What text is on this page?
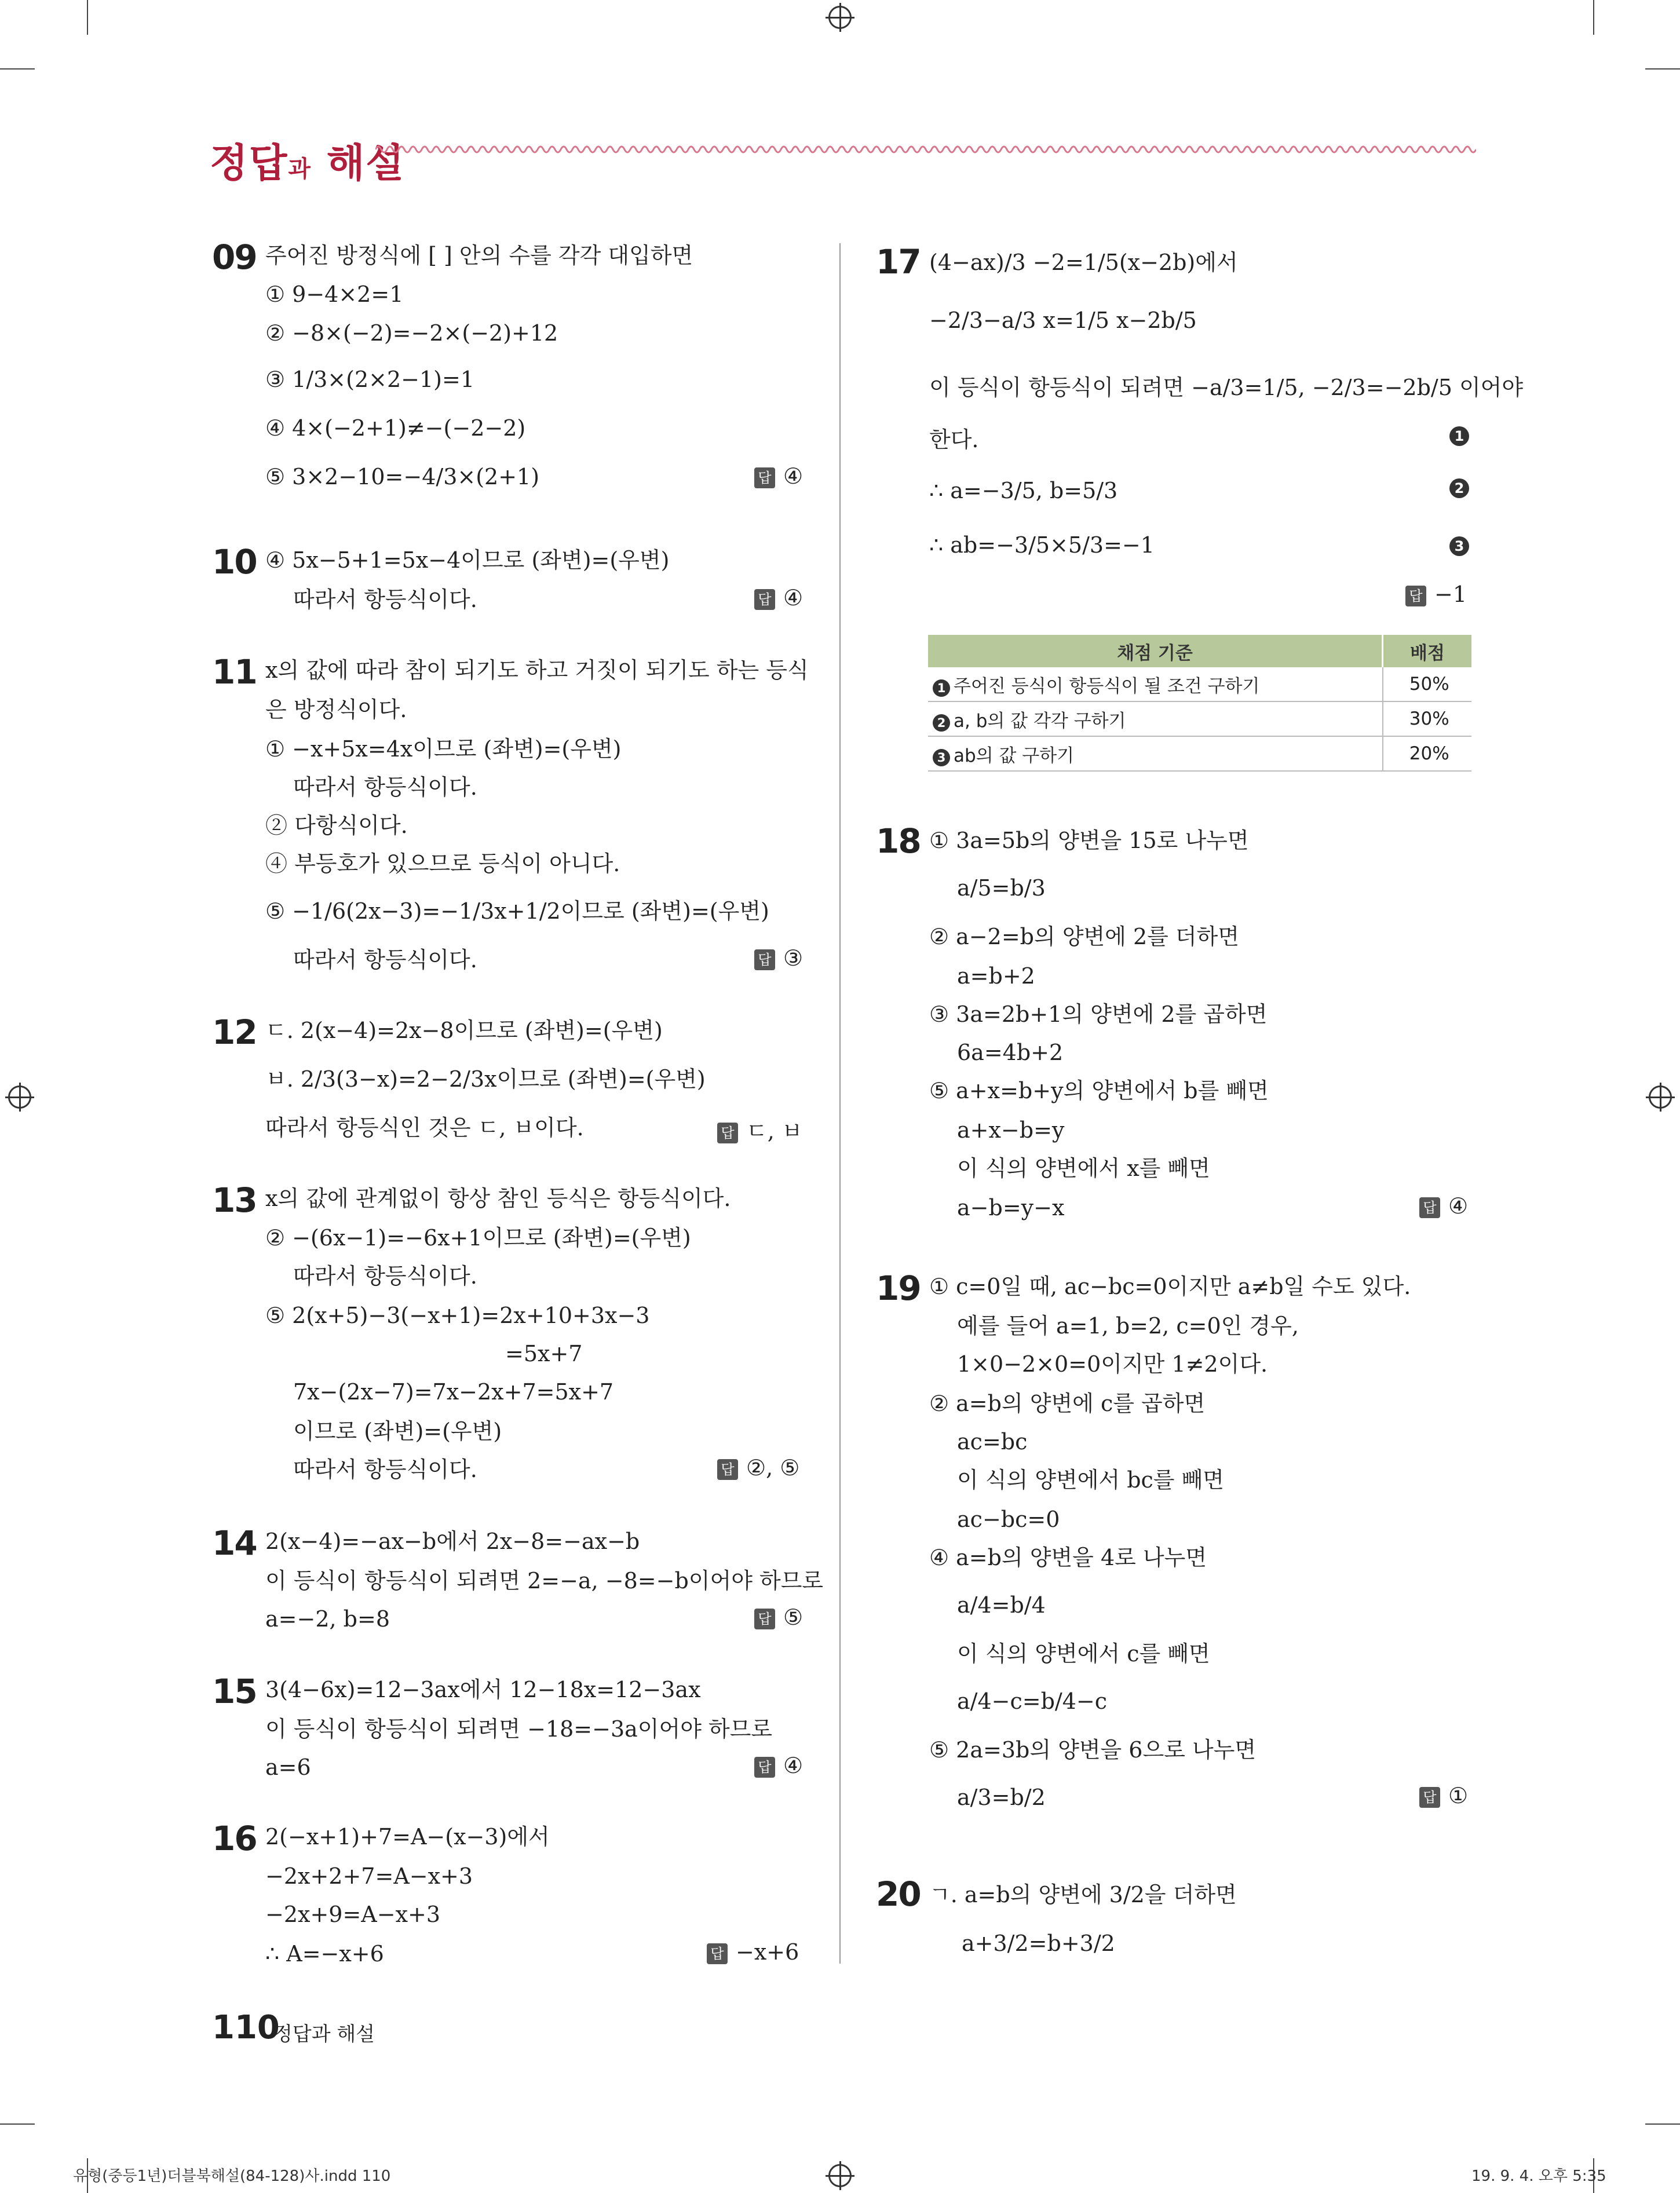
정답과 해설
09 주어진 방정식에 [ ] 안의 수를 각각 대입하면
① 9−4×2=1
② −8×(−2)=−2×(−2)+12
③ 1/3×(2×2−1)=1
④ 4×(−2+1)≠−(−2−2)
⑤ 3×2−10=−4/3×(2+1)	답 ④
10 ④ 5x−5+1=5x−4이므로 (좌변)=(우변)
따라서 항등식이다.	답 ④
11 x의 값에 따라 참이 되기도 하고 거짓이 되기도 하는 등식
은 방정식이다.
① −x+5x=4x이므로 (좌변)=(우변)
따라서 항등식이다.
② 다항식이다.
④ 부등호가 있으므로 등식이 아니다.
⑤ −1/6(2x−3)=−1/3x+1/2이므로 (좌변)=(우변)
따라서 항등식이다.	답 ③
12 ㄷ. 2(x−4)=2x−8이므로 (좌변)=(우변)
ㅂ. 2/3(3−x)=2−2/3x이므로 (좌변)=(우변)
따라서 항등식인 것은 ㄷ, ㅂ이다.	답 ㄷ, ㅂ
13 x의 값에 관계없이 항상 참인 등식은 항등식이다.
② −(6x−1)=−6x+1이므로 (좌변)=(우변)
따라서 항등식이다.
⑤ 2(x+5)−3(−x+1)=2x+10+3x−3
=5x+7
7x−(2x−7)=7x−2x+7=5x+7
이므로 (좌변)=(우변)
따라서 항등식이다.	답 ②, ⑤
14 2(x−4)=−ax−b에서 2x−8=−ax−b
이 등식이 항등식이 되려면 2=−a, −8=−b이어야 하므로
a=−2, b=8	답 ⑤
15 3(4−6x)=12−3ax에서 12−18x=12−3ax
이 등식이 항등식이 되려면 −18=−3a이어야 하므로
a=6	답 ④
16 2(−x+1)+7=A−(x−3)에서
−2x+2+7=A−x+3
−2x+9=A−x+3
∴ A=−x+6	답 −x+6
17 (4−ax)/3 −2=1/5(x−2b)에서
−2/3−a/3 x=1/5 x−2b/5
이 등식이 항등식이 되려면 −a/3=1/5, −2/3=−2b/5 이어야
한다.	1
∴ a=−3/5, b=5/3	2
∴ ab=−3/5×5/3=−1	3
답 −1
채점 기준	배점
1 주어진 등식이 항등식이 될 조건 구하기	50%
2 a, b의 값 각각 구하기	30%
3 ab의 값 구하기	20%
18 ① 3a=5b의 양변을 15로 나누면
a/5=b/3
② a−2=b의 양변에 2를 더하면
a=b+2
③ 3a=2b+1의 양변에 2를 곱하면
6a=4b+2
⑤ a+x=b+y의 양변에서 b를 빼면
a+x−b=y
이 식의 양변에서 x를 빼면
a−b=y−x	답 ④
19 ① c=0일 때, ac−bc=0이지만 a≠b일 수도 있다.
예를 들어 a=1, b=2, c=0인 경우,
1×0−2×0=0이지만 1≠2이다.
② a=b의 양변에 c를 곱하면
ac=bc
이 식의 양변에서 bc를 빼면
ac−bc=0
④ a=b의 양변을 4로 나누면
a/4=b/4
이 식의 양변에서 c를 빼면
a/4−c=b/4−c
⑤ 2a=3b의 양변을 6으로 나누면
a/3=b/2	답 ①
20 ㄱ. a=b의 양변에 3/2을 더하면
a+3/2=b+3/2
110
정답과 해설
유형(중등1년)더블북해설(84-128)사.indd 110	19. 9. 4. 오후 5:35
